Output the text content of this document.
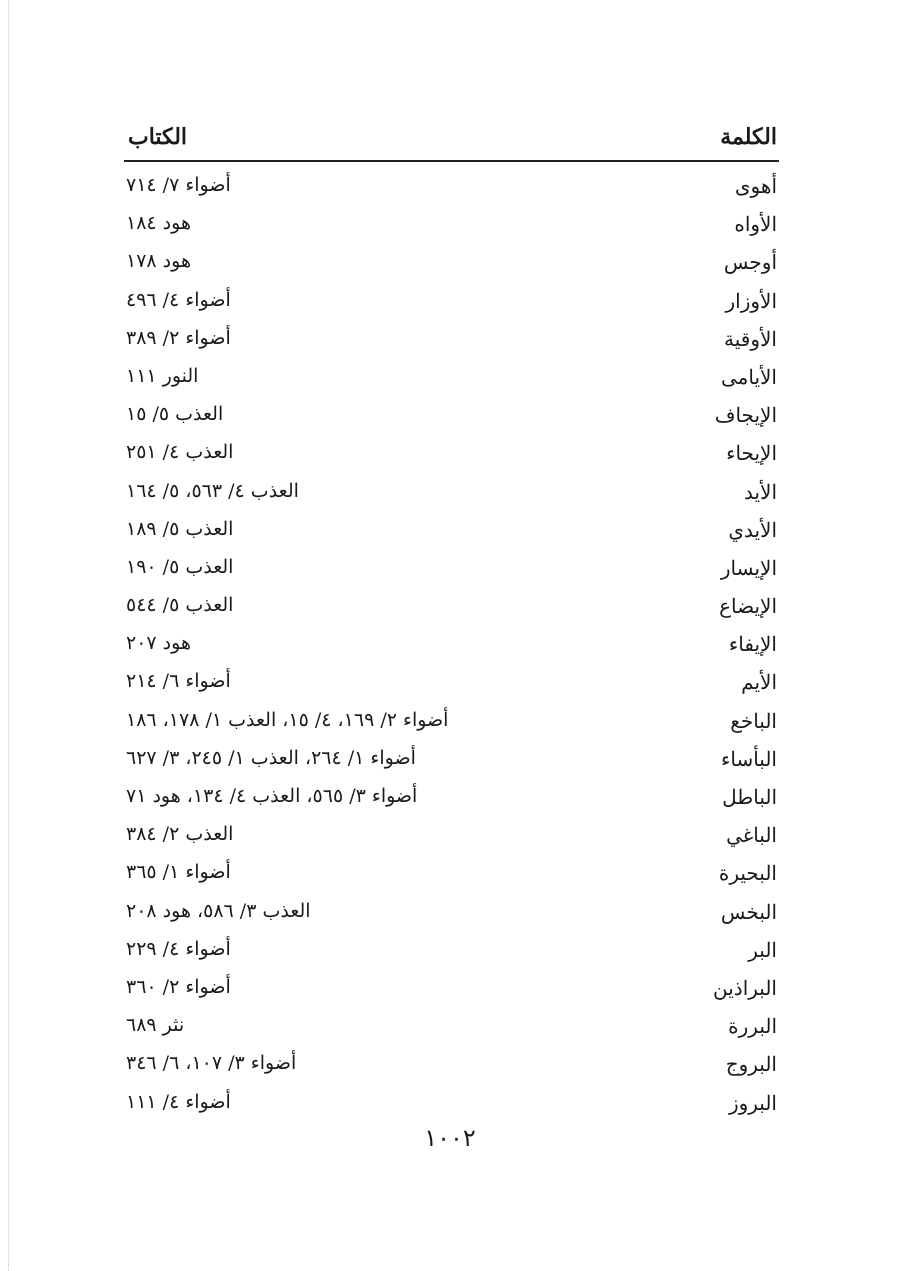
الكلمة
الكتاب
أهوى
أضواء ٧/ ٧١٤
الأواه
هود ١٨٤
أوجس
هود ١٧٨
الأوزار
أضواء ٤/ ٤٩٦
الأوقية
أضواء ٢/ ٣٨٩
الأيامى
النور ١١١
الإيجاف
العذب ٥/ ١٥
الإيحاء
العذب ٤/ ٢٥١
الأيد
العذب ٤/ ٥٦٣، ٥/ ١٦٤
الأيدي
العذب ٥/ ١٨٩
الإيسار
العذب ٥/ ١٩٠
الإيضاع
العذب ٥/ ٥٤٤
الإيفاء
هود ٢٠٧
الأيم
أضواء ٦/ ٢١٤
الباخع
أضواء ٢/ ١٦٩، ٤/ ١٥، العذب ١/ ١٧٨، ١٨٦
البأساء
أضواء ١/ ٢٦٤، العذب ١/ ٢٤٥، ٣/ ٦٢٧
الباطل
أضواء ٣/ ٥٦٥، العذب ٤/ ١٣٤، هود ٧١
الباغي
العذب ٢/ ٣٨٤
البحيرة
أضواء ١/ ٣٦٥
البخس
العذب ٣/ ٥٨٦، هود ٢٠٨
البر
أضواء ٤/ ٢٢٩
البراذين
أضواء ٢/ ٣٦٠
البررة
نثر ٦٨٩
البروج
أضواء ٣/ ١٠٧، ٦/ ٣٤٦
البروز
أضواء ٤/ ١١١
١٠٠٢
